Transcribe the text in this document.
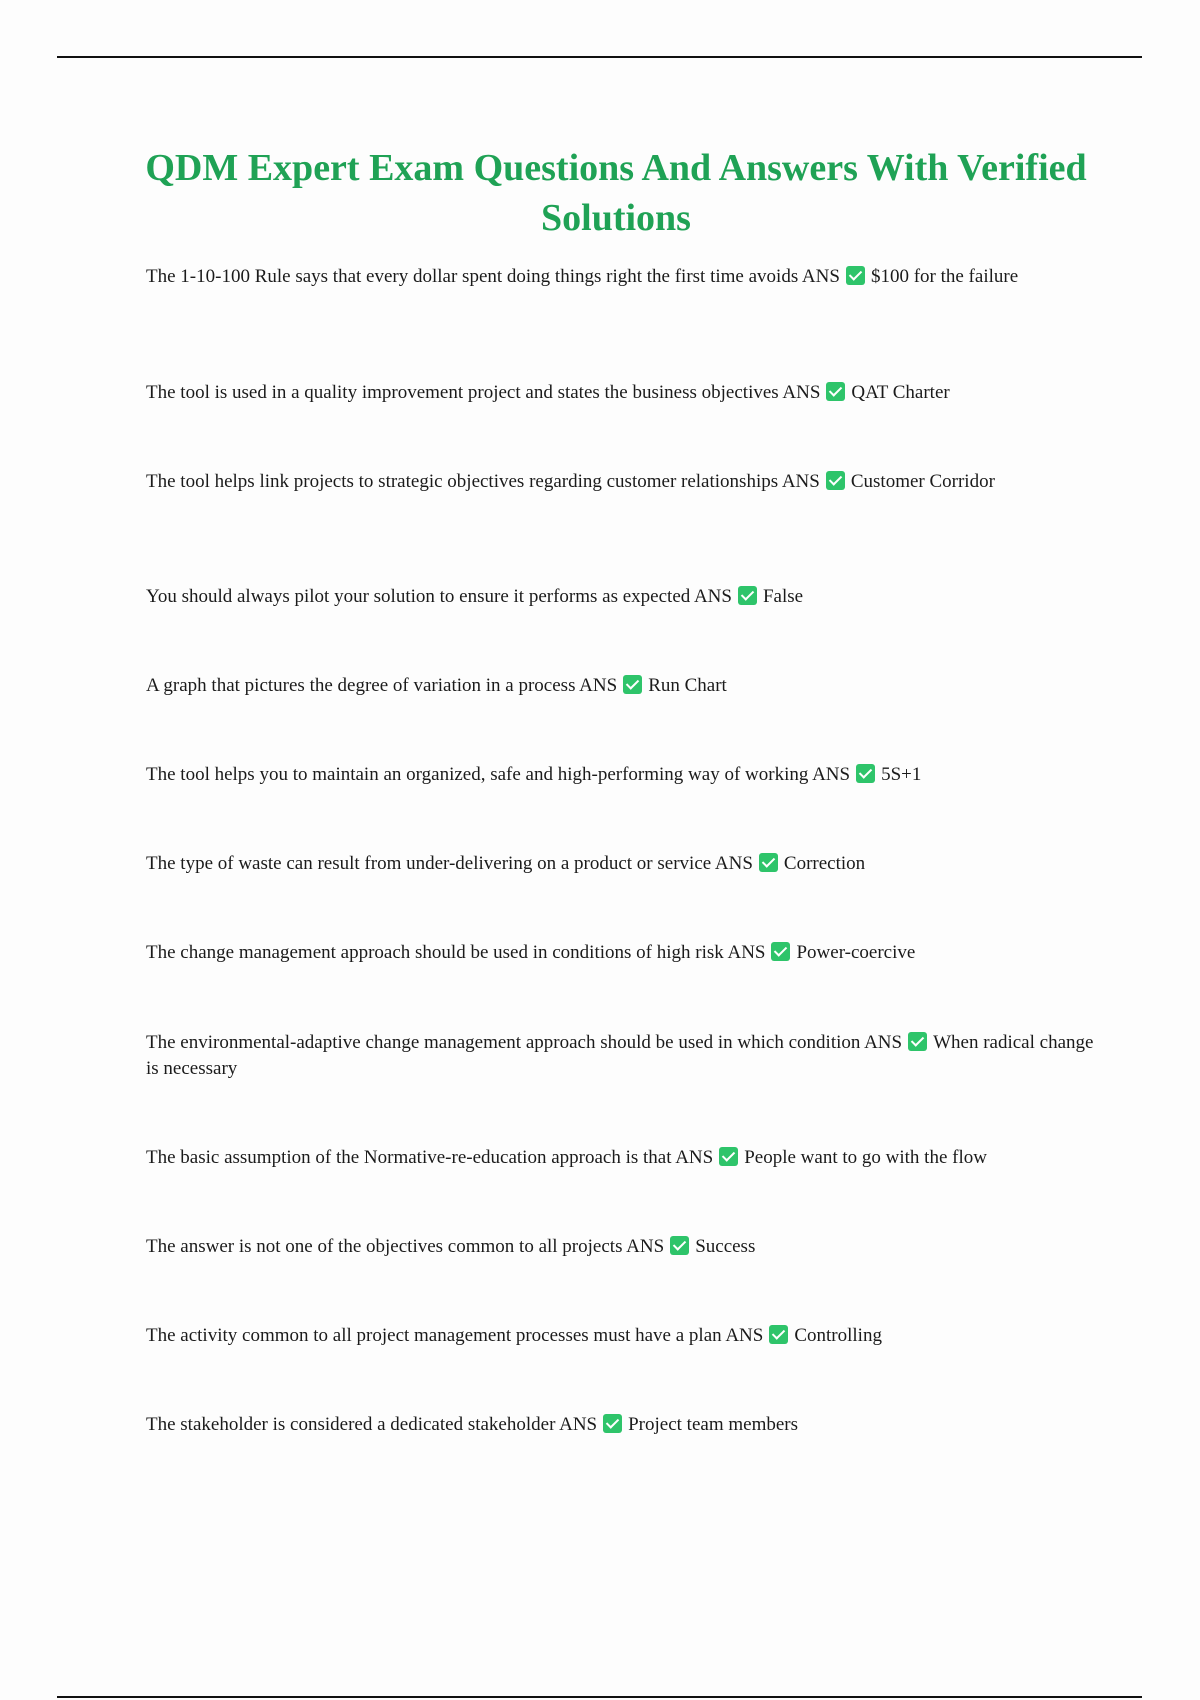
QDM Expert Exam Questions And Answers With Verified Solutions

The 1-10-100 Rule says that every dollar spent doing things right the first time avoids ANS $100 for the failure

The tool is used in a quality improvement project and states the business objectives ANS QAT Charter

The tool helps link projects to strategic objectives regarding customer relationships ANS Customer Corridor

You should always pilot your solution to ensure it performs as expected ANS False

A graph that pictures the degree of variation in a process ANS Run Chart

The tool helps you to maintain an organized, safe and high-performing way of working ANS 5S+1

The type of waste can result from under-delivering on a product or service ANS Correction

The change management approach should be used in conditions of high risk ANS Power-coercive

The environmental-adaptive change management approach should be used in which condition ANS When radical change is necessary

The basic assumption of the Normative-re-education approach is that ANS People want to go with the flow

The answer is not one of the objectives common to all projects ANS Success

The activity common to all project management processes must have a plan ANS Controlling

The stakeholder is considered a dedicated stakeholder ANS Project team members
